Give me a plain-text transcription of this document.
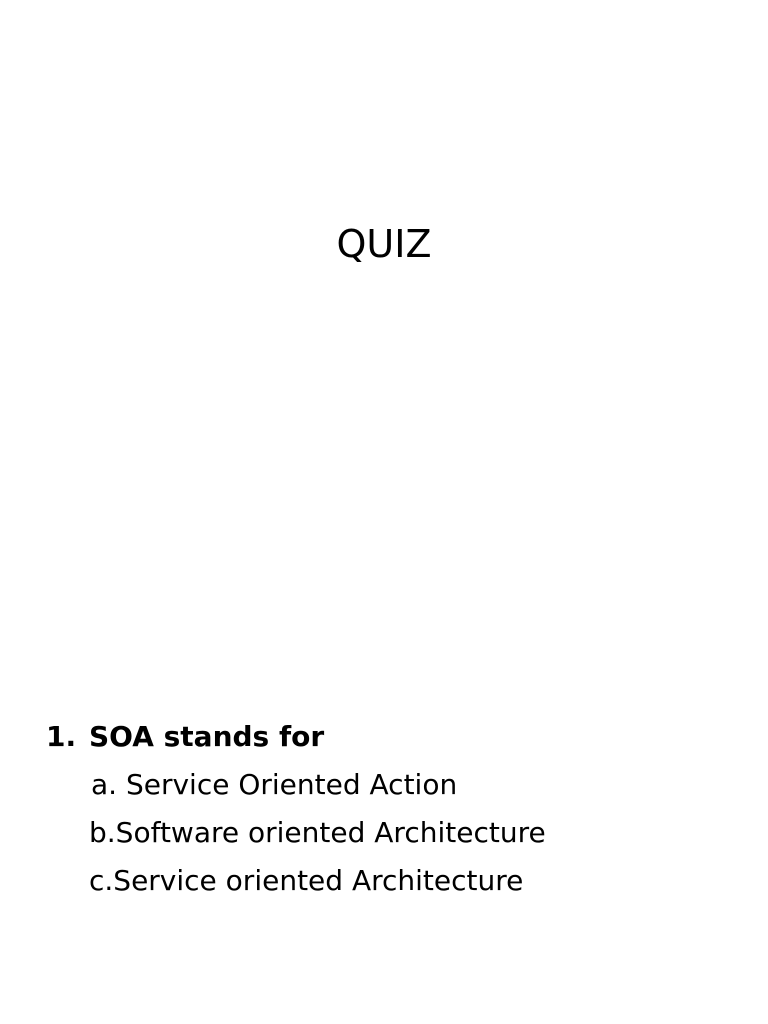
QUIZ
1. SOA stands for
a. Service Oriented Action
b.Software oriented Architecture
c.Service oriented Architecture
